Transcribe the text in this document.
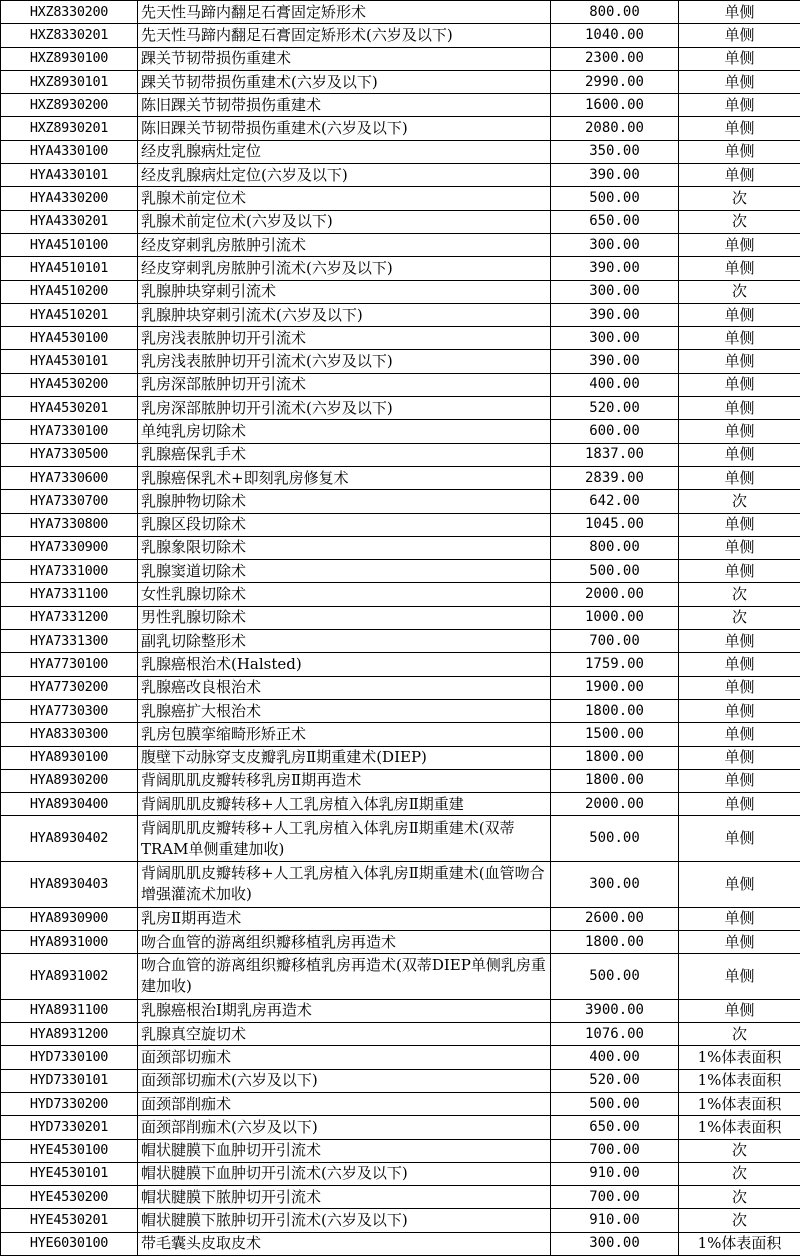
HXZ8330200	先天性马蹄内翻足石膏固定矫形术	800.00	单侧
HXZ8330201	先天性马蹄内翻足石膏固定矫形术(六岁及以下)	1040.00	单侧
HXZ8930100	踝关节韧带损伤重建术	2300.00	单侧
HXZ8930101	踝关节韧带损伤重建术(六岁及以下)	2990.00	单侧
HXZ8930200	陈旧踝关节韧带损伤重建术	1600.00	单侧
HXZ8930201	陈旧踝关节韧带损伤重建术(六岁及以下)	2080.00	单侧
HYA4330100	经皮乳腺病灶定位	350.00	单侧
HYA4330101	经皮乳腺病灶定位(六岁及以下)	390.00	单侧
HYA4330200	乳腺术前定位术	500.00	次
HYA4330201	乳腺术前定位术(六岁及以下)	650.00	次
HYA4510100	经皮穿刺乳房脓肿引流术	300.00	单侧
HYA4510101	经皮穿刺乳房脓肿引流术(六岁及以下)	390.00	单侧
HYA4510200	乳腺肿块穿刺引流术	300.00	次
HYA4510201	乳腺肿块穿刺引流术(六岁及以下)	390.00	单侧
HYA4530100	乳房浅表脓肿切开引流术	300.00	单侧
HYA4530101	乳房浅表脓肿切开引流术(六岁及以下)	390.00	单侧
HYA4530200	乳房深部脓肿切开引流术	400.00	单侧
HYA4530201	乳房深部脓肿切开引流术(六岁及以下)	520.00	单侧
HYA7330100	单纯乳房切除术	600.00	单侧
HYA7330500	乳腺癌保乳手术	1837.00	单侧
HYA7330600	乳腺癌保乳术+即刻乳房修复术	2839.00	单侧
HYA7330700	乳腺肿物切除术	642.00	次
HYA7330800	乳腺区段切除术	1045.00	单侧
HYA7330900	乳腺象限切除术	800.00	单侧
HYA7331000	乳腺窦道切除术	500.00	单侧
HYA7331100	女性乳腺切除术	2000.00	次
HYA7331200	男性乳腺切除术	1000.00	次
HYA7331300	副乳切除整形术	700.00	单侧
HYA7730100	乳腺癌根治术(Halsted)	1759.00	单侧
HYA7730200	乳腺癌改良根治术	1900.00	单侧
HYA7730300	乳腺癌扩大根治术	1800.00	单侧
HYA8330300	乳房包膜挛缩畸形矫正术	1500.00	单侧
HYA8930100	腹壁下动脉穿支皮瓣乳房Ⅱ期重建术(DIEP)	1800.00	单侧
HYA8930200	背阔肌肌皮瓣转移乳房Ⅱ期再造术	1800.00	单侧
HYA8930400	背阔肌肌皮瓣转移+人工乳房植入体乳房Ⅱ期重建	2000.00	单侧
HYA8930402	背阔肌肌皮瓣转移+人工乳房植入体乳房Ⅱ期重建术(双蒂TRAM单侧重建加收)	500.00	单侧
HYA8930403	背阔肌肌皮瓣转移+人工乳房植入体乳房Ⅱ期重建术(血管吻合增强灌流术加收)	300.00	单侧
HYA8930900	乳房Ⅱ期再造术	2600.00	单侧
HYA8931000	吻合血管的游离组织瓣移植乳房再造术	1800.00	单侧
HYA8931002	吻合血管的游离组织瓣移植乳房再造术(双蒂DIEP单侧乳房重建加收)	500.00	单侧
HYA8931100	乳腺癌根治Ⅰ期乳房再造术	3900.00	单侧
HYA8931200	乳腺真空旋切术	1076.00	次
HYD7330100	面颈部切痂术	400.00	1%体表面积
HYD7330101	面颈部切痂术(六岁及以下)	520.00	1%体表面积
HYD7330200	面颈部削痂术	500.00	1%体表面积
HYD7330201	面颈部削痂术(六岁及以下)	650.00	1%体表面积
HYE4530100	帽状腱膜下血肿切开引流术	700.00	次
HYE4530101	帽状腱膜下血肿切开引流术(六岁及以下)	910.00	次
HYE4530200	帽状腱膜下脓肿切开引流术	700.00	次
HYE4530201	帽状腱膜下脓肿切开引流术(六岁及以下)	910.00	次
HYE6030100	带毛囊头皮取皮术	300.00	1%体表面积
